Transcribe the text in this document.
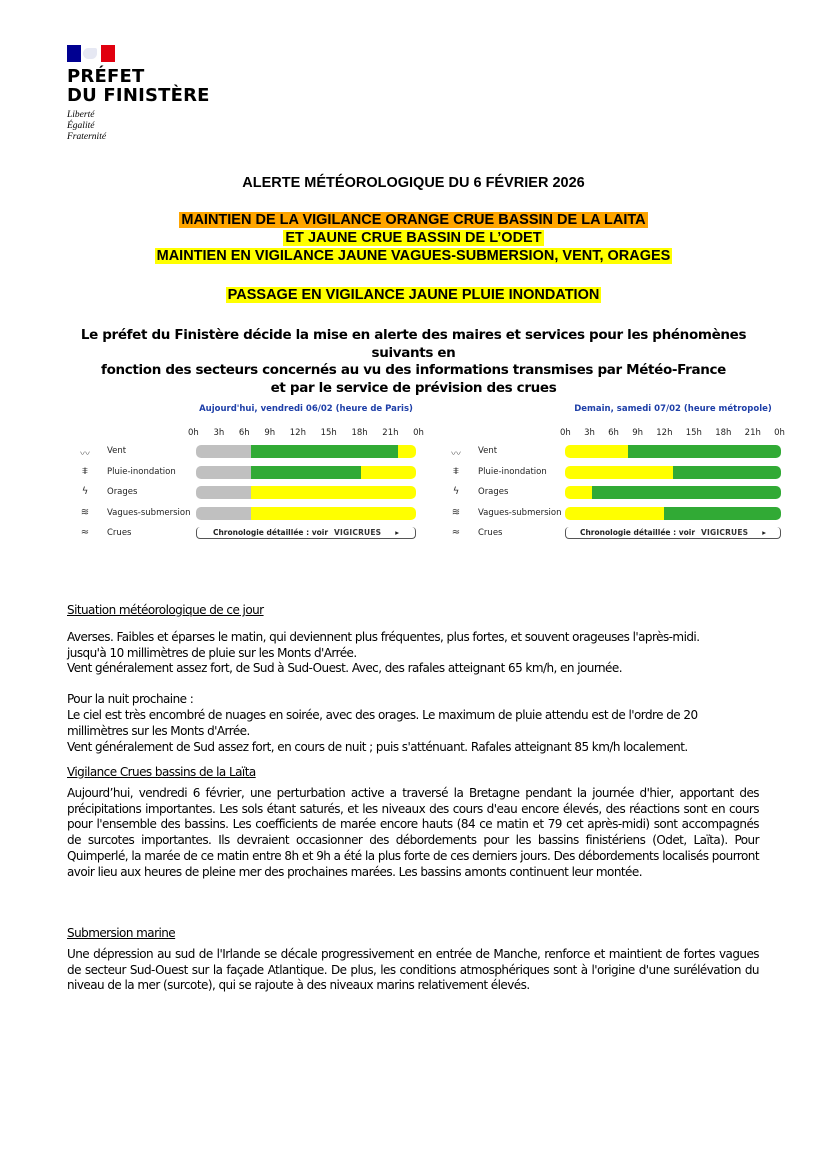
PRÉFET
DU FINISTÈRE
Liberté
Égalité
Fraternité
ALERTE MÉTÉOROLOGIQUE DU 6 FÉVRIER 2026
MAINTIEN DE LA VIGILANCE ORANGE CRUE BASSIN DE LA LAITA
ET JAUNE CRUE BASSIN DE L’ODET
MAINTIEN EN VIGILANCE JAUNE VAGUES-SUBMERSION, VENT, ORAGES
PASSAGE EN VIGILANCE JAUNE PLUIE INONDATION
Le préfet du Finistère décide la mise en alerte des maires et services pour les phénomènes suivants en
fonction des secteurs concernés au vu des informations transmises par Météo-France
et par le service de prévision des crues
Aujourd'hui, vendredi 06/02 (heure de Paris)
0h 3h 6h 9h 12h 15h 18h 21h 0h
〰	Vent
⩨	Pluie-inondation
ϟ	Orages
≋	Vagues-submersion
≈	Crues	Chronologie détaillée : voir VIGICRUES ▸
Demain, samedi 07/02 (heure métropole)
0h 3h 6h 9h 12h 15h 18h 21h 0h
〰	Vent
⩨	Pluie-inondation
ϟ	Orages
≋	Vagues-submersion
≈	Crues	Chronologie détaillée : voir VIGICRUES ▸

Situation météorologique de ce jour

Averses. Faibles et éparses le matin, qui deviennent plus fréquentes, plus fortes, et souvent orageuses l'après-midi.

jusqu'à 10 millimètres de pluie sur les Monts d'Arrée.

Vent généralement assez fort, de Sud à Sud-Ouest. Avec, des rafales atteignant 65 km/h, en journée.

Pour la nuit prochaine :

Le ciel est très encombré de nuages en soirée, avec des orages. Le maximum de pluie attendu est de l'ordre de 20 millimètres sur les Monts d'Arrée.

Vent généralement de Sud assez fort, en cours de nuit ; puis s'atténuant. Rafales atteignant 85 km/h localement.

Vigilance Crues bassins de la Laïta

Aujourd’hui, vendredi 6 février, une perturbation active a traversé la Bretagne pendant la journée d'hier, apportant des précipitations importantes. Les sols étant saturés, et les niveaux des cours d'eau encore élevés, des réactions sont en cours pour l'ensemble des bassins. Les coefficients de marée encore hauts (84 ce matin et 79 cet après-midi) sont accompagnés de surcotes importantes. Ils devraient occasionner des débordements pour les bassins finistériens (Odet, Laïta). Pour Quimperlé, la marée de ce matin entre 8h et 9h a été la plus forte de ces derniers jours. Des débordements localisés pourront avoir lieu aux heures de pleine mer des prochaines marées. Les bassins amonts continuent leur montée.

Submersion marine

Une dépression au sud de l'Irlande se décale progressivement en entrée de Manche, renforce et maintient de fortes vagues de secteur Sud-Ouest sur la façade Atlantique. De plus, les conditions atmosphériques sont à l'origine d'une surélévation du niveau de la mer (surcote), qui se rajoute à des niveaux marins relativement élevés.
